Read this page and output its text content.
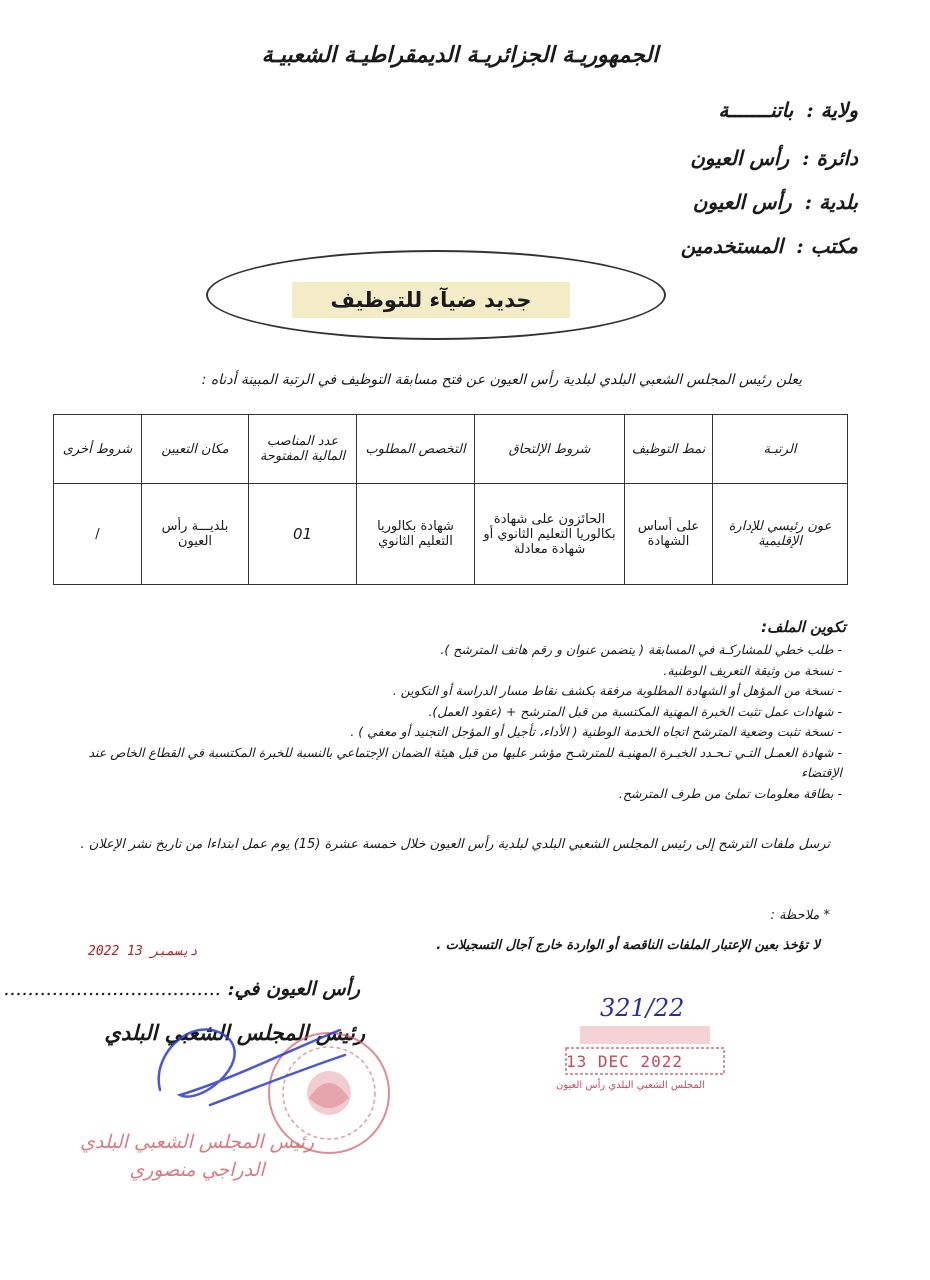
الجمهوريـة الجزائريـة الديمقراطيـة الشعبيـة
ولاية : باتنـــــــة
دائرة : رأس العيون
بلدية : رأس العيون
مكتب : المستخدمين
جديد ضيآء للتوظيف
يعلن رئيس المجلس الشعبي البلدي لبلدية رأس العيون عن فتح مسابقة التوظيف في الرتبة المبينة أدناه :
الرتبـة	نمط التوظيف	شروط الإلتحاق	التخصص المطلوب	عدد المناصب المالية المفتوحة	مكان التعيين	شروط أخرى
عون رئيسي للإدارة الإقليمية	على أساس الشهادة	الحائزون على شهادة بكالوريا التعليم الثانوي أو شهادة معادلة	شهادة بكالوريا التعليم الثانوي	01	بلديـــة رأس العيون	/
تكوين الملف:
- طلب خطي للمشاركـة في المسابقة ( يتضمن عنوان و رقم هاتف المترشح ).
- نسخة من وثيقة التعريف الوطنية.
- نسخة من المؤهل أو الشهادة المطلوبة مرفقة بكشف نقاط مسار الدراسة أو التكوين .
- شهادات عمل تثبت الخبرة المهنية المكتسبة من قبل المترشح + (عقود العمل).
- نسخة تثبت وضعية المترشح اتجاه الخدمة الوطنية ( الأداء، تأجيل أو المؤجل التجنيد أو معفي ) .
- شهادة العمـل التـي تـحـدد الخبـرة المهنيـة للمترشـح مؤشر عليها من قبل هيئة الضمان الإجتماعي بالنسبة للخبرة المكتسبة في القطاع الخاص عند الإقتضاء
- بطاقة معلومات تملئ من طرف المترشح.
ترسل ملفات الترشح إلى رئيس المجلس الشعبي البلدي لبلدية رأس العيون خلال خمسة عشرة (15) يوم عمل ابتداءا من تاريخ نشر الإعلان .
* ملاحظة :
لا تؤخذ بعين الإعتبار الملفات الناقصة أو الواردة خارج آجال التسجيلات .
رأس العيون في: ....................................
رئيس المجلس الشعبي البلدي
2022 ديسمبر 13
321/22
13 DEC 2022
المجلس الشعبي البلدي رأس العيون
رئيس المجلس الشعبي البلدي
الدراجي منصوري
